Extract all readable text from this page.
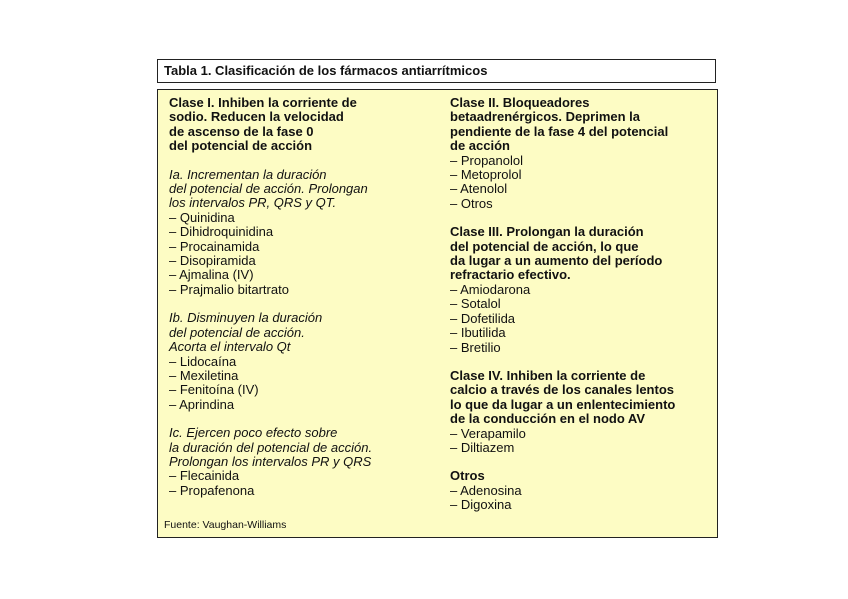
Tabla 1. Clasificación de los fármacos antiarrítmicos

Clase I. Inhiben la corriente de
sodio. Reducen la velocidad
de ascenso de la fase 0
del potencial de acción

Ia. Incrementan la duración
del potencial de acción. Prolongan
los intervalos PR, QRS y QT.

– Quinidina
– Dihidroquinidina
– Procainamida
– Disopiramida
– Ajmalina (IV)
– Prajmalio bitartrato

Ib. Disminuyen la duración
del potencial de acción.
Acorta el intervalo Qt

– Lidocaína
– Mexiletina
– Fenitoína (IV)
– Aprindina

Ic. Ejercen poco efecto sobre
la duración del potencial de acción.
Prolongan los intervalos PR y QRS

– Flecainida
– Propafenona

Clase II. Bloqueadores
betaadrenérgicos. Deprimen la
pendiente de la fase 4 del potencial
de acción

– Propanolol
– Metoprolol
– Atenolol
– Otros

Clase III. Prolongan la duración
del potencial de acción, lo que
da lugar a un aumento del período
refractario efectivo.

– Amiodarona
– Sotalol
– Dofetilida
– Ibutilida
– Bretilio

Clase IV. Inhiben la corriente de
calcio a través de los canales lentos
lo que da lugar a un enlentecimiento
de la conducción en el nodo AV

– Verapamilo
– Diltiazem

Otros

– Adenosina
– Digoxina
Fuente: Vaughan-Williams
